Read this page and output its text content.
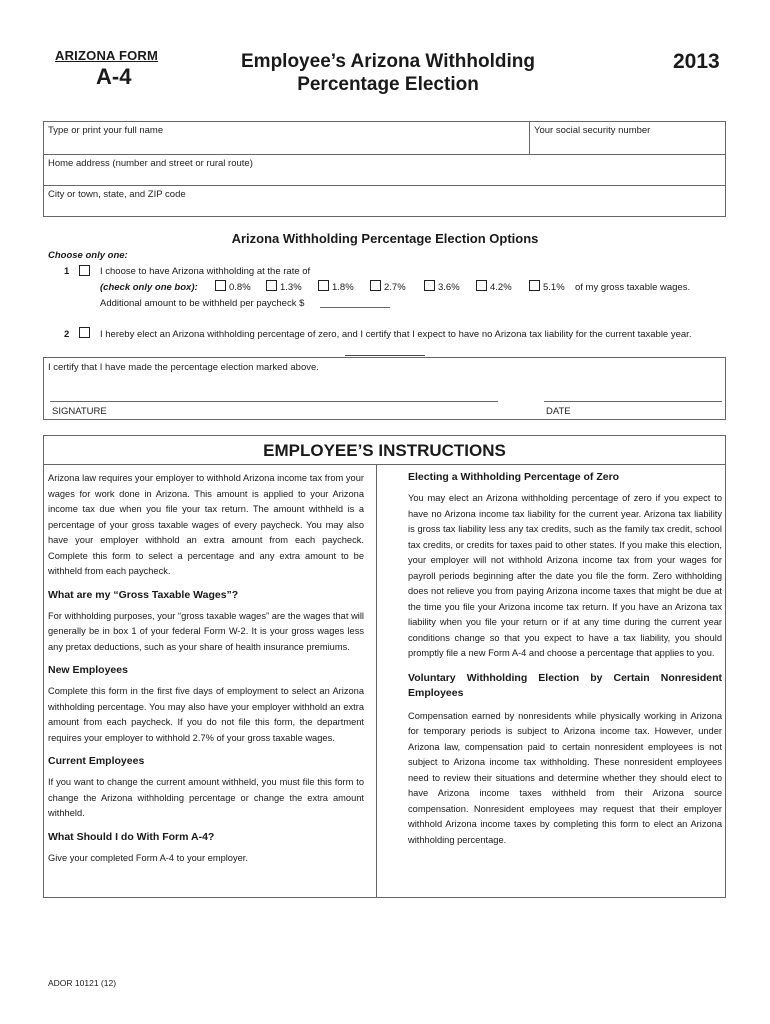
ARIZONA FORM
A-4
Employee’s Arizona Withholding
Percentage Election
2013
Type or print your full name	Your social security number
Home address (number and street or rural route)
City or town, state, and ZIP code
Arizona Withholding Percentage Election Options
Choose only one:
1	I choose to have Arizona withholding at the rate of
(check only one box):	0.8%	1.3%	1.8%	2.7%	3.6%	4.2%	5.1% of my gross taxable wages.
Additional amount to be withheld per paycheck $
2	I hereby elect an Arizona withholding percentage of zero, and I certify that I expect to have no Arizona tax liability for the current taxable year.
I certify that I have made the percentage election marked above.
SIGNATURE	DATE
EMPLOYEE’S INSTRUCTIONS

Arizona law requires your employer to withhold Arizona income tax from your wages for work done in Arizona. This amount is applied to your Arizona income tax due when you file your tax return. The amount withheld is a percentage of your gross taxable wages of every paycheck. You may also have your employer withhold an extra amount from each paycheck. Complete this form to select a percentage and any extra amount to be withheld from each paycheck.

What are my “Gross Taxable Wages”?

For withholding purposes, your “gross taxable wages” are the wages that will generally be in box 1 of your federal Form W-2. It is your gross wages less any pretax deductions, such as your share of health insurance premiums.

New Employees

Complete this form in the first five days of employment to select an Arizona withholding percentage. You may also have your employer withhold an extra amount from each paycheck. If you do not file this form, the department requires your employer to withhold 2.7% of your gross taxable wages.

Current Employees

If you want to change the current amount withheld, you must file this form to change the Arizona withholding percentage or change the extra amount withheld.

What Should I do With Form A-4?

Give your completed Form A-4 to your employer.

Electing a Withholding Percentage of Zero

You may elect an Arizona withholding percentage of zero if you expect to have no Arizona income tax liability for the current year. Arizona tax liability is gross tax liability less any tax credits, such as the family tax credit, school tax credits, or credits for taxes paid to other states. If you make this election, your employer will not withhold Arizona income tax from your wages for payroll periods beginning after the date you file the form. Zero withholding does not relieve you from paying Arizona income taxes that might be due at the time you file your Arizona income tax return. If you have an Arizona tax liability when you file your return or if at any time during the current year conditions change so that you expect to have a tax liability, you should promptly file a new Form A-4 and choose a percentage that applies to you.

Voluntary Withholding Election by Certain Nonresident Employees

Compensation earned by nonresidents while physically working in Arizona for temporary periods is subject to Arizona income tax. However, under Arizona law, compensation paid to certain nonresident employees is not subject to Arizona income tax withholding. These nonresident employees need to review their situations and determine whether they should elect to have Arizona income taxes withheld from their Arizona source compensation. Nonresident employees may request that their employer withhold Arizona income taxes by completing this form to elect an Arizona withholding percentage.

ADOR 10121 (12)
